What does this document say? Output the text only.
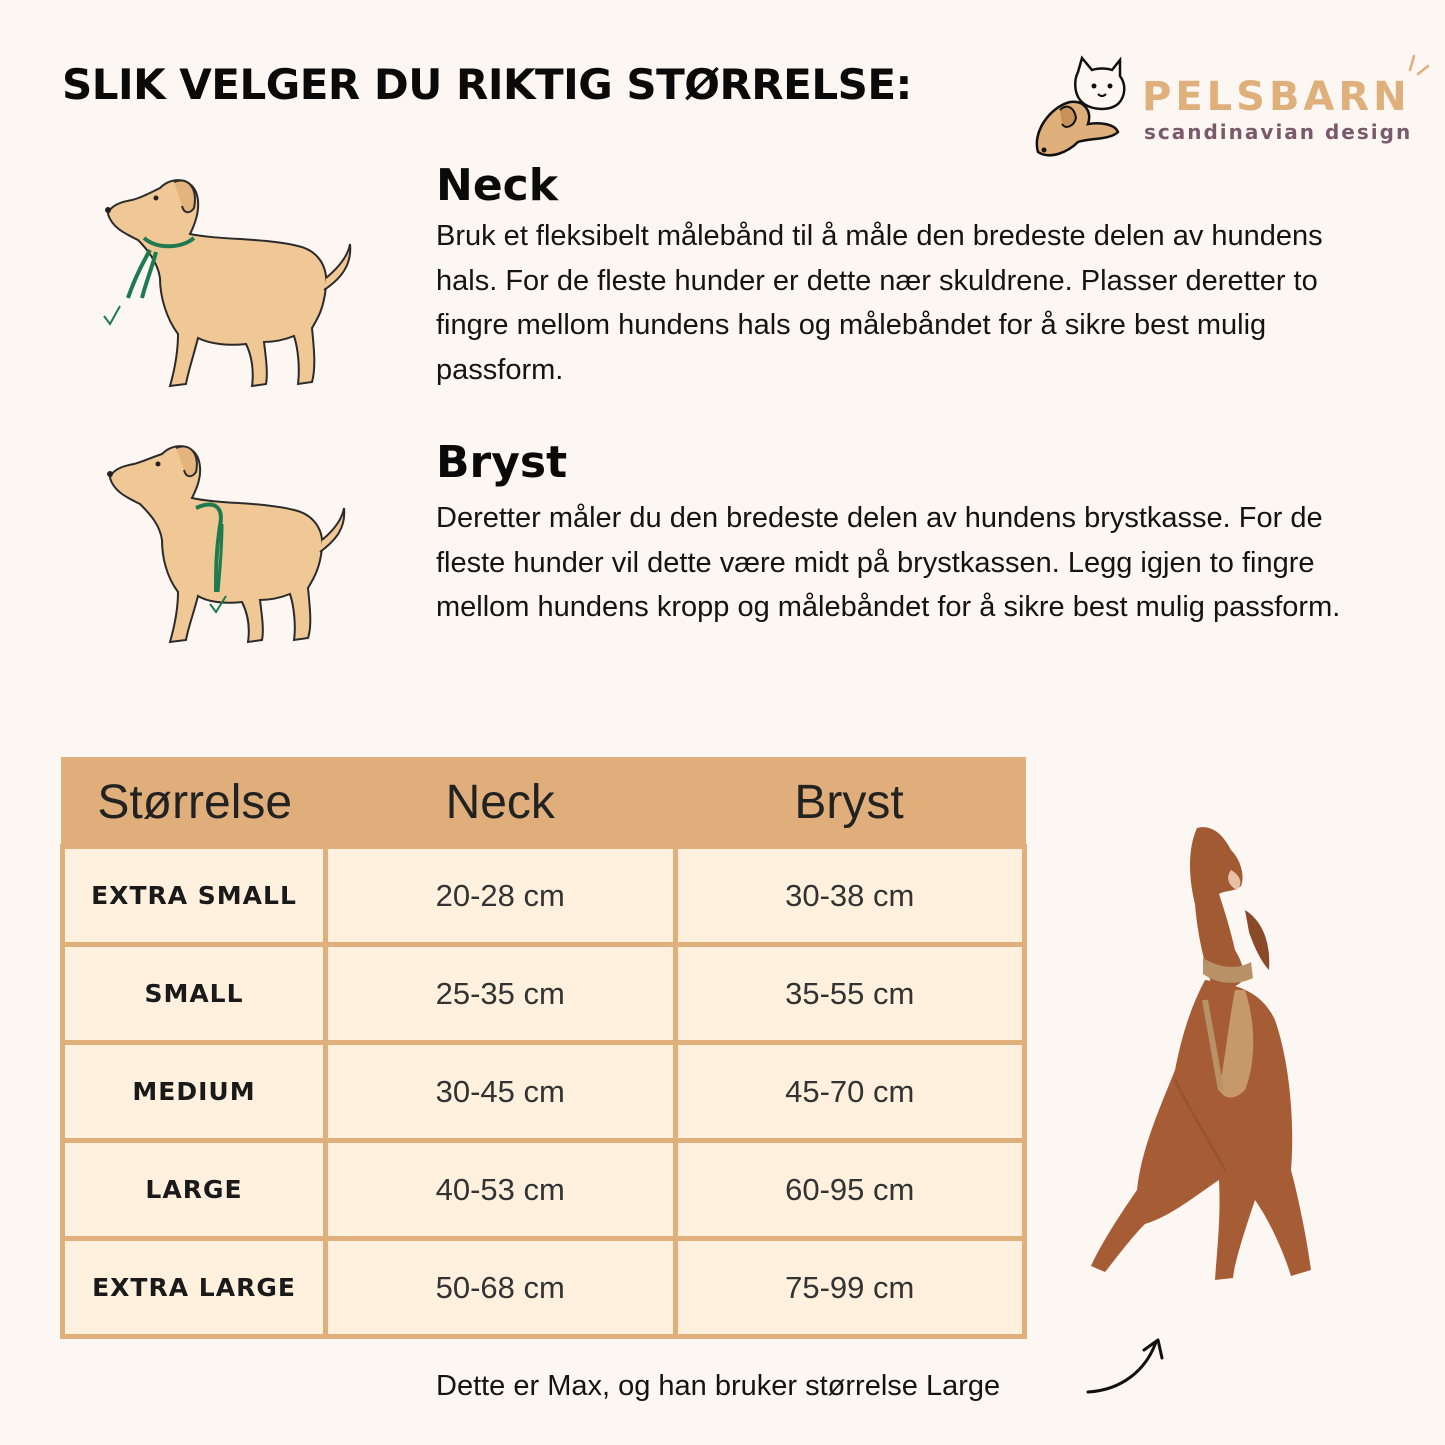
SLIK VELGER DU RIKTIG STØRRELSE:	PELSBARN
scandinavian design
Neck

Bruk et fleksibelt målebånd til å måle den bredeste delen av hundens hals. For de fleste hunder er dette nær skuldrene. Plasser deretter to fingre mellom hundens hals og målebåndet for å sikre best mulig passform.

Bryst

Deretter måler du den bredeste delen av hundens brystkasse. For de fleste hunder vil dette være midt på brystkassen. Legg igjen to fingre mellom hundens kropp og målebåndet for å sikre best mulig passform.

Størrelse	Neck	Bryst
EXTRA SMALL	20-28 cm	30-38 cm
SMALL	25-35 cm	35-55 cm
MEDIUM	30-45 cm	45-70 cm
LARGE	40-53 cm	60-95 cm
EXTRA LARGE	50-68 cm	75-99 cm

Dette er Max, og han bruker størrelse Large
